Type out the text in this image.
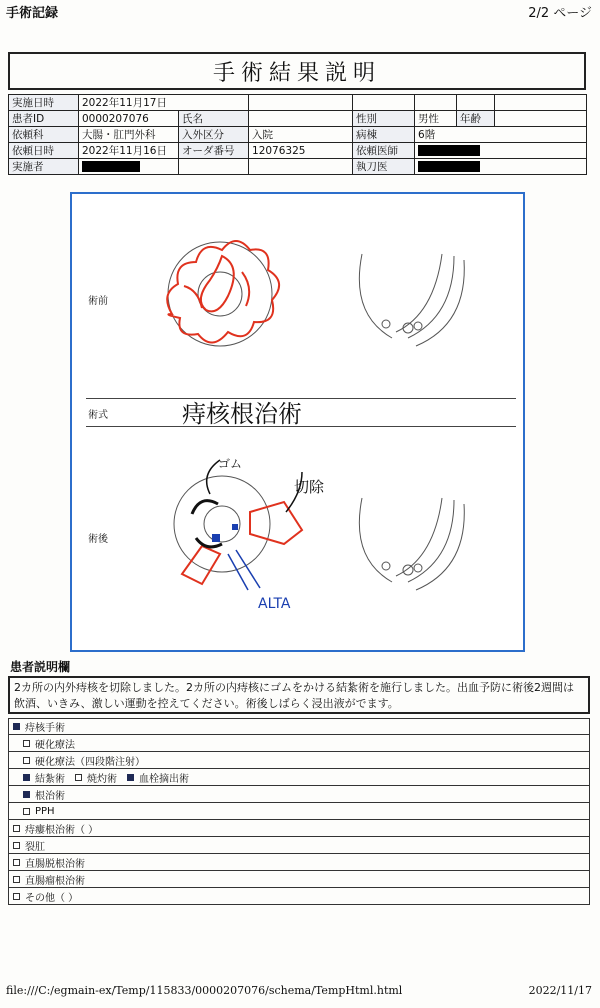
手術記録	2/2 ページ
手術結果説明
実施日時	2022年11月17日						
患者ID	0000207076	氏名		性別	男性	年齢	
依頼科	大腸・肛門外科	入外区分	入院	病棟	6階		
依頼日時	2022年11月16日	オーダ番号	12076325	依頼医師			
実施者				執刀医			
術前
術式
術後
痔核根治術
ゴム
切除
ALTA
患者説明欄
2カ所の内外痔核を切除しました。2カ所の内痔核にゴムをかける結紮術を施行しました。出血予防に術後2週間は飲酒、いきみ、激しい運動を控えてください。術後しばらく浸出液がでます。
痔核手術
硬化療法
硬化療法（四段階注射）
結紮術 焼灼術 血栓摘出術
根治術
PPH
痔瘻根治術（ ）
裂肛
直腸脱根治術
直腸瘤根治術
その他（ ）
file:///C:/egmain-ex/Temp/115833/0000207076/schema/TempHtml.html	2022/11/17
